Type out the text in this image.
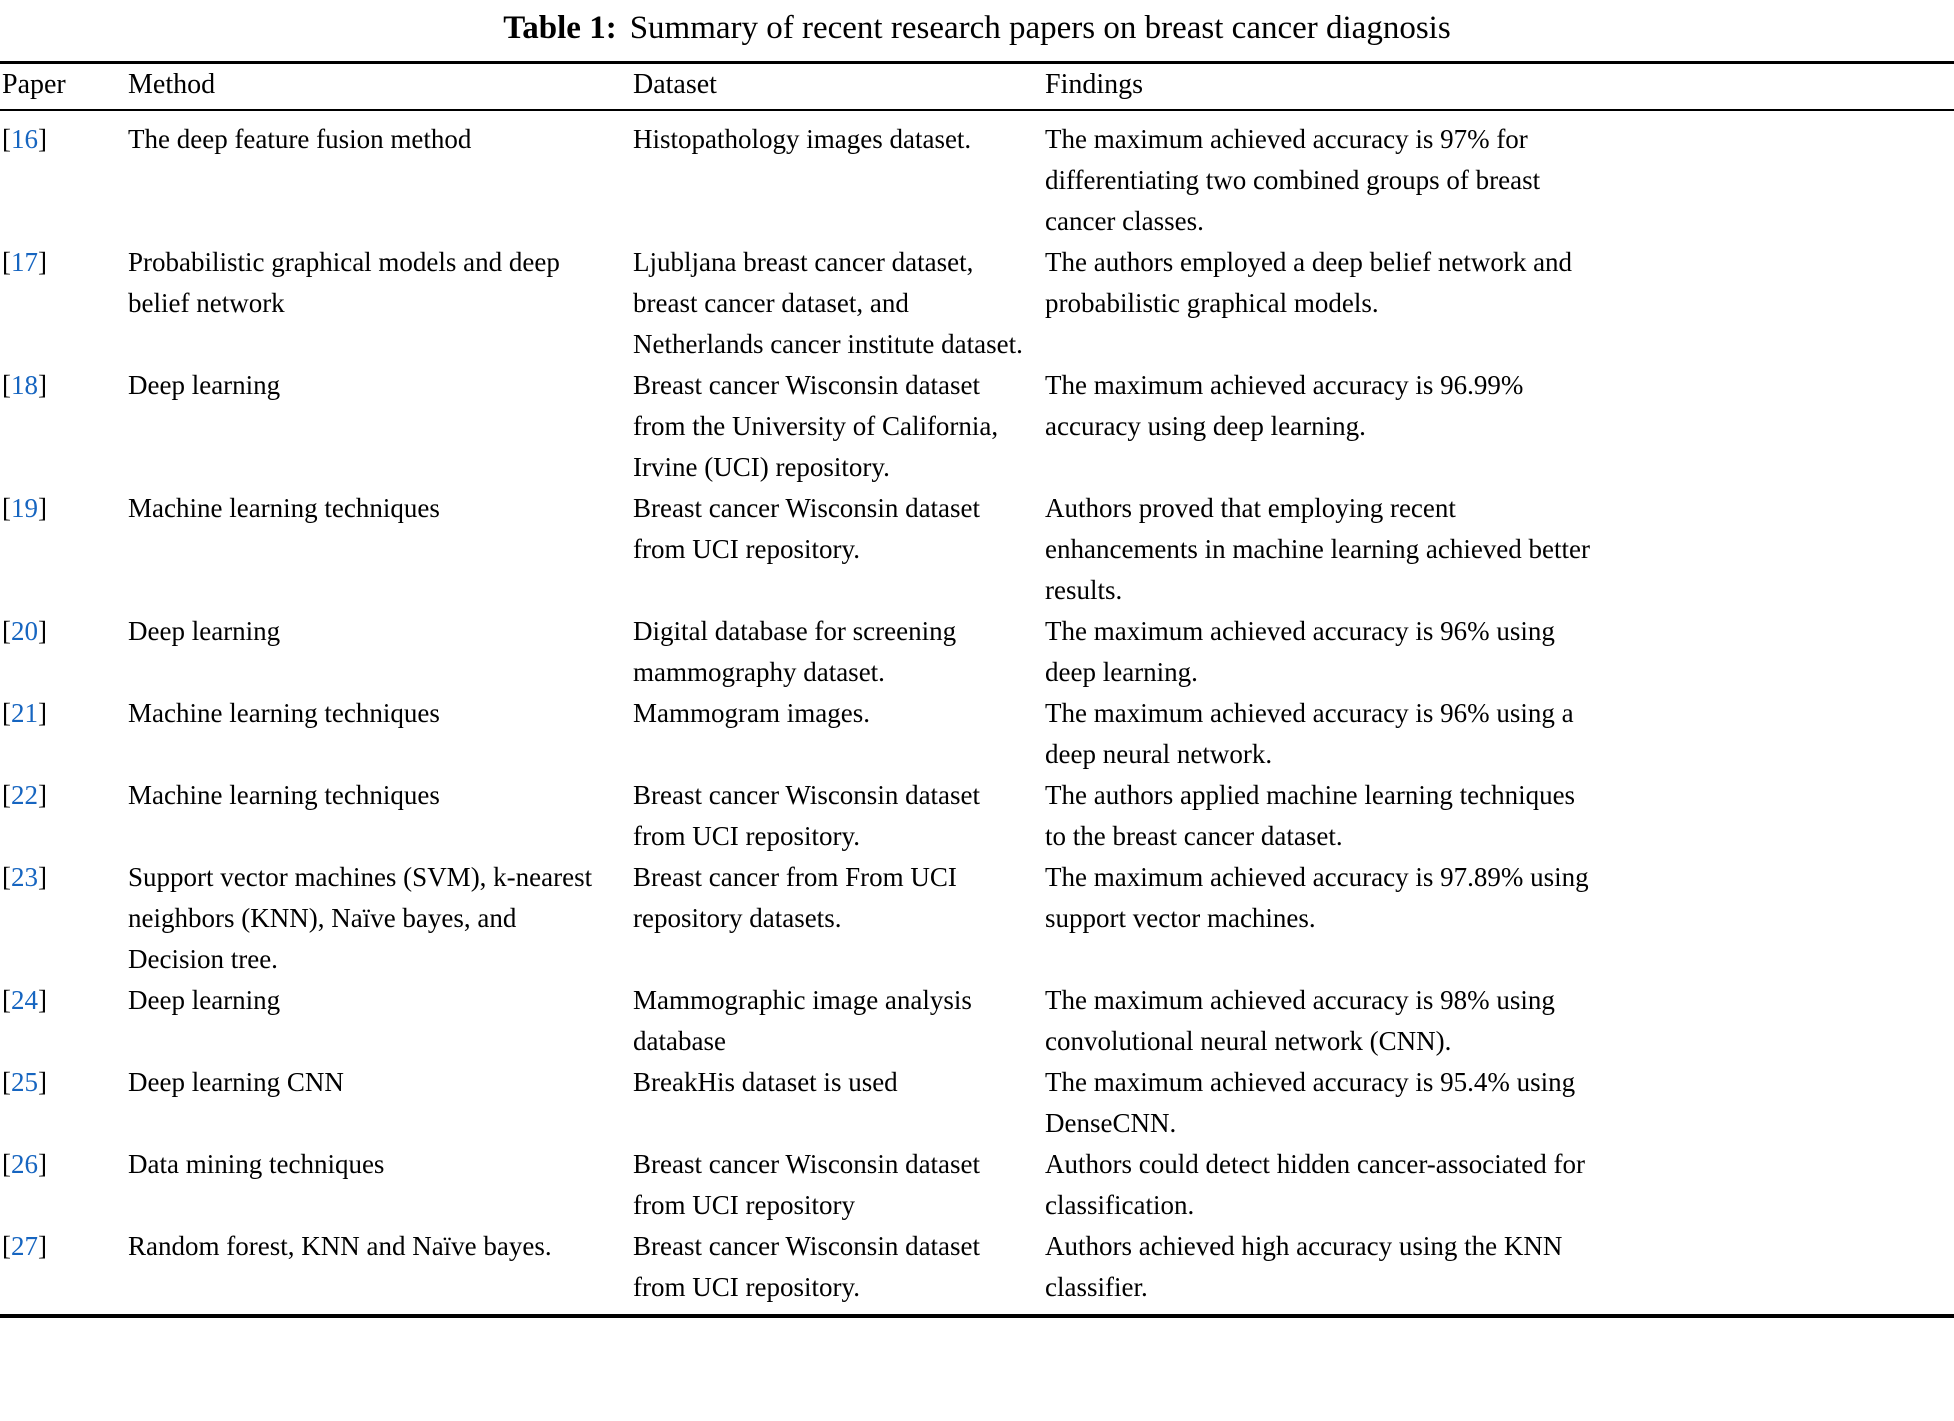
Table 1: Summary of recent research papers on breast cancer diagnosis
Paper	Method	Dataset	Findings
[16]	The deep feature fusion method	Histopathology images dataset.	The maximum achieved accuracy is 97% for differentiating two combined groups of breast cancer classes.
[17]	Probabilistic graphical models and deep belief network	Ljubljana breast cancer dataset, breast cancer dataset, and Netherlands cancer institute dataset.	The authors employed a deep belief network and probabilistic graphical models.
[18]	Deep learning	Breast cancer Wisconsin dataset from the University of California, Irvine (UCI) repository.	The maximum achieved accuracy is 96.99% accuracy using deep learning.
[19]	Machine learning techniques	Breast cancer Wisconsin dataset from UCI repository.	Authors proved that employing recent enhancements in machine learning achieved better results.
[20]	Deep learning	Digital database for screening mammography dataset.	The maximum achieved accuracy is 96% using deep learning.
[21]	Machine learning techniques	Mammogram images.	The maximum achieved accuracy is 96% using a deep neural network.
[22]	Machine learning techniques	Breast cancer Wisconsin dataset from UCI repository.	The authors applied machine learning techniques to the breast cancer dataset.
[23]	Support vector machines (SVM), k-nearest neighbors (KNN), Naïve bayes, and Decision tree.	Breast cancer from From UCI repository datasets.	The maximum achieved accuracy is 97.89% using support vector machines.
[24]	Deep learning	Mammographic image analysis database	The maximum achieved accuracy is 98% using convolutional neural network (CNN).
[25]	Deep learning CNN	BreakHis dataset is used	The maximum achieved accuracy is 95.4% using DenseCNN.
[26]	Data mining techniques	Breast cancer Wisconsin dataset from UCI repository	Authors could detect hidden cancer-associated for classification.
[27]	Random forest, KNN and Naïve bayes.	Breast cancer Wisconsin dataset from UCI repository.	Authors achieved high accuracy using the KNN classifier.
